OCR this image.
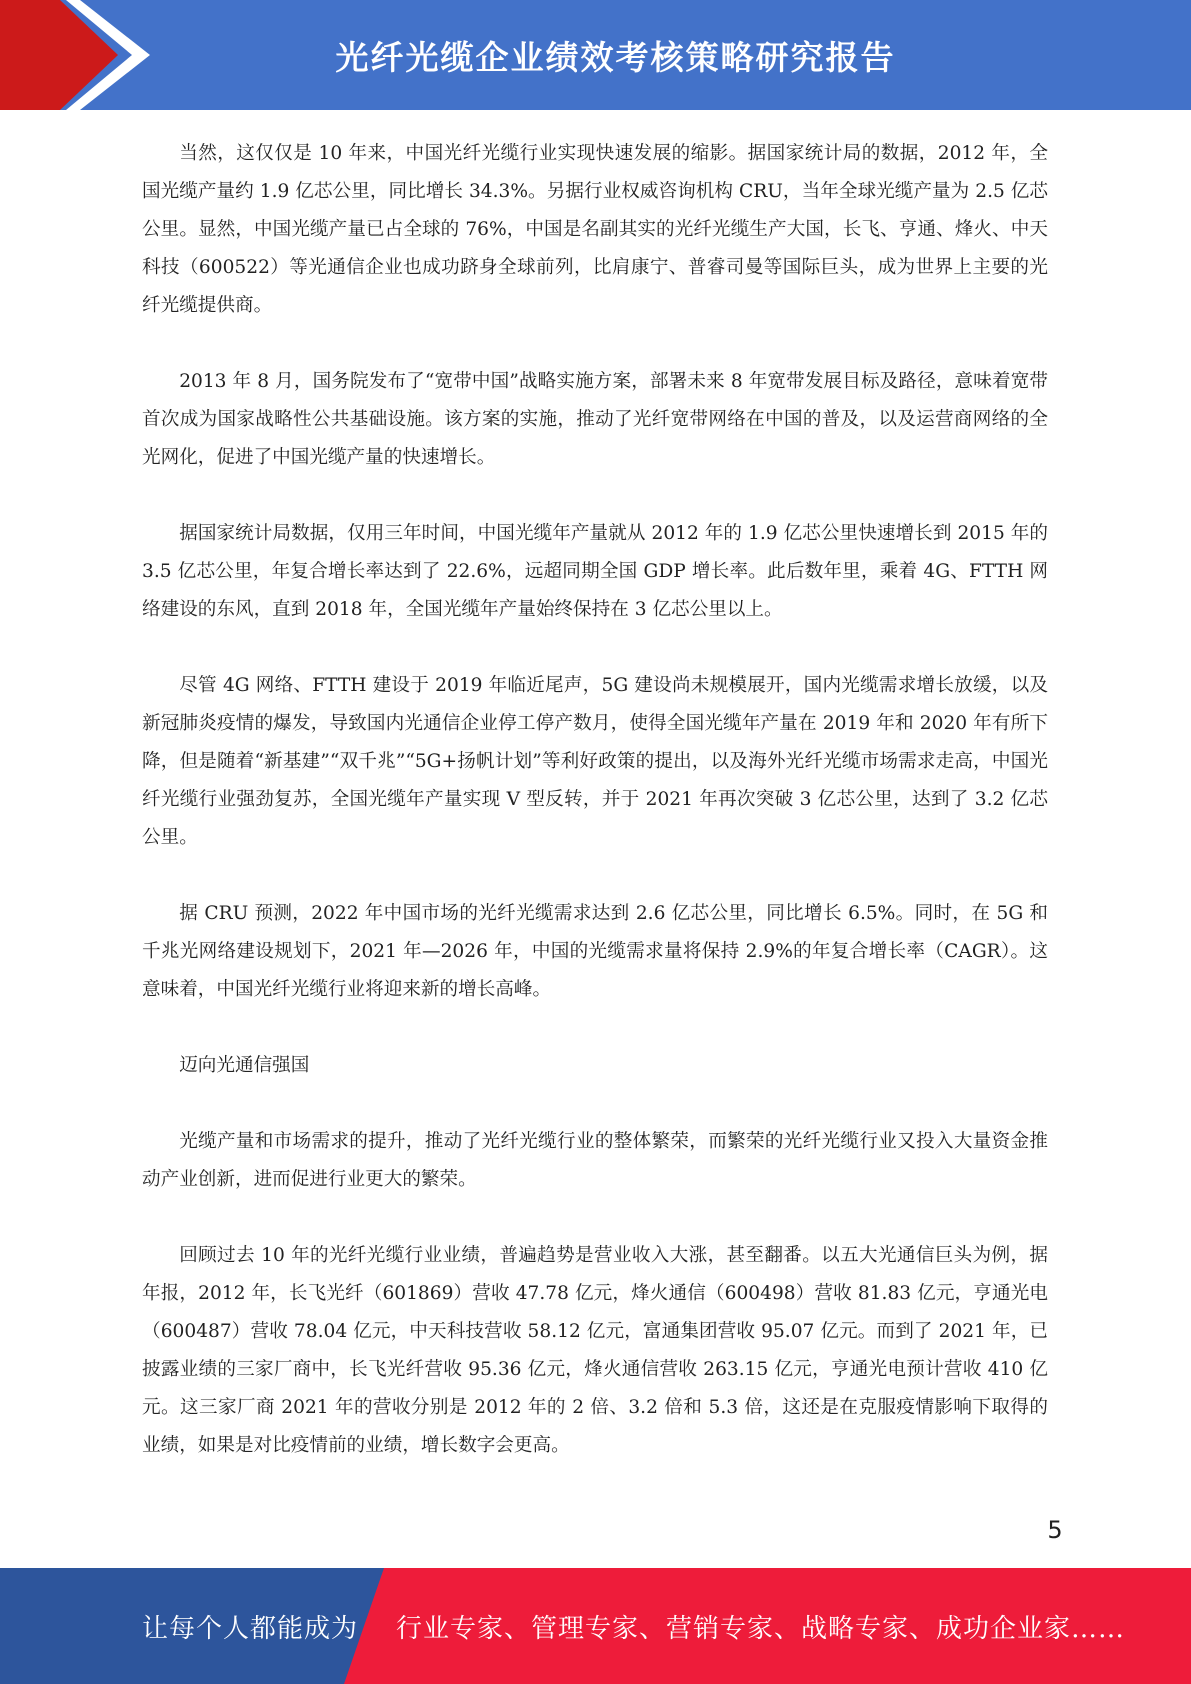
光纤光缆企业绩效考核策略研究报告

当然，这仅仅是 10 年来，中国光纤光缆行业实现快速发展的缩影。据国家统计局的数据，2012 年，全国光缆产量约 1.9 亿芯公里，同比增长 34.3%。另据行业权威咨询机构 CRU，当年全球光缆产量为 2.5 亿芯公里。显然，中国光缆产量已占全球的 76%，中国是名副其实的光纤光缆生产大国，长飞、亨通、烽火、中天科技（600522）等光通信企业也成功跻身全球前列，比肩康宁、普睿司曼等国际巨头，成为世界上主要的光纤光缆提供商。

2013 年 8 月，国务院发布了“宽带中国”战略实施方案，部署未来 8 年宽带发展目标及路径，意味着宽带首次成为国家战略性公共基础设施。该方案的实施，推动了光纤宽带网络在中国的普及，以及运营商网络的全光网化，促进了中国光缆产量的快速增长。

据国家统计局数据，仅用三年时间，中国光缆年产量就从 2012 年的 1.9 亿芯公里快速增长到 2015 年的 3.5 亿芯公里，年复合增长率达到了 22.6%，远超同期全国 GDP 增长率。此后数年里，乘着 4G、FTTH 网络建设的东风，直到 2018 年，全国光缆年产量始终保持在 3 亿芯公里以上。

尽管 4G 网络、FTTH 建设于 2019 年临近尾声，5G 建设尚未规模展开，国内光缆需求增长放缓，以及新冠肺炎疫情的爆发，导致国内光通信企业停工停产数月，使得全国光缆年产量在 2019 年和 2020 年有所下降，但是随着“新基建”“双千兆”“5G+扬帆计划”等利好政策的提出，以及海外光纤光缆市场需求走高，中国光纤光缆行业强劲复苏，全国光缆年产量实现 V 型反转，并于 2021 年再次突破 3 亿芯公里，达到了 3.2 亿芯公里。

据 CRU 预测，2022 年中国市场的光纤光缆需求达到 2.6 亿芯公里，同比增长 6.5%。同时，在 5G 和千兆光网络建设规划下，2021 年—2026 年，中国的光缆需求量将保持 2.9%的年复合增长率（CAGR）。这意味着，中国光纤光缆行业将迎来新的增长高峰。

迈向光通信强国

光缆产量和市场需求的提升，推动了光纤光缆行业的整体繁荣，而繁荣的光纤光缆行业又投入大量资金推动产业创新，进而促进行业更大的繁荣。

回顾过去 10 年的光纤光缆行业业绩，普遍趋势是营业收入大涨，甚至翻番。以五大光通信巨头为例，据年报，2012 年，长飞光纤（601869）营收 47.78 亿元，烽火通信（600498）营收 81.83 亿元，亨通光电（600487）营收 78.04 亿元，中天科技营收 58.12 亿元，富通集团营收 95.07 亿元。而到了 2021 年，已披露业绩的三家厂商中，长飞光纤营收 95.36 亿元，烽火通信营收 263.15 亿元，亨通光电预计营收 410 亿元。这三家厂商 2021 年的营收分别是 2012 年的 2 倍、3.2 倍和 5.3 倍，这还是在克服疫情影响下取得的业绩，如果是对比疫情前的业绩，增长数字会更高。

5
让每个人都能成为 行业专家、管理专家、营销专家、战略专家、成功企业家……
